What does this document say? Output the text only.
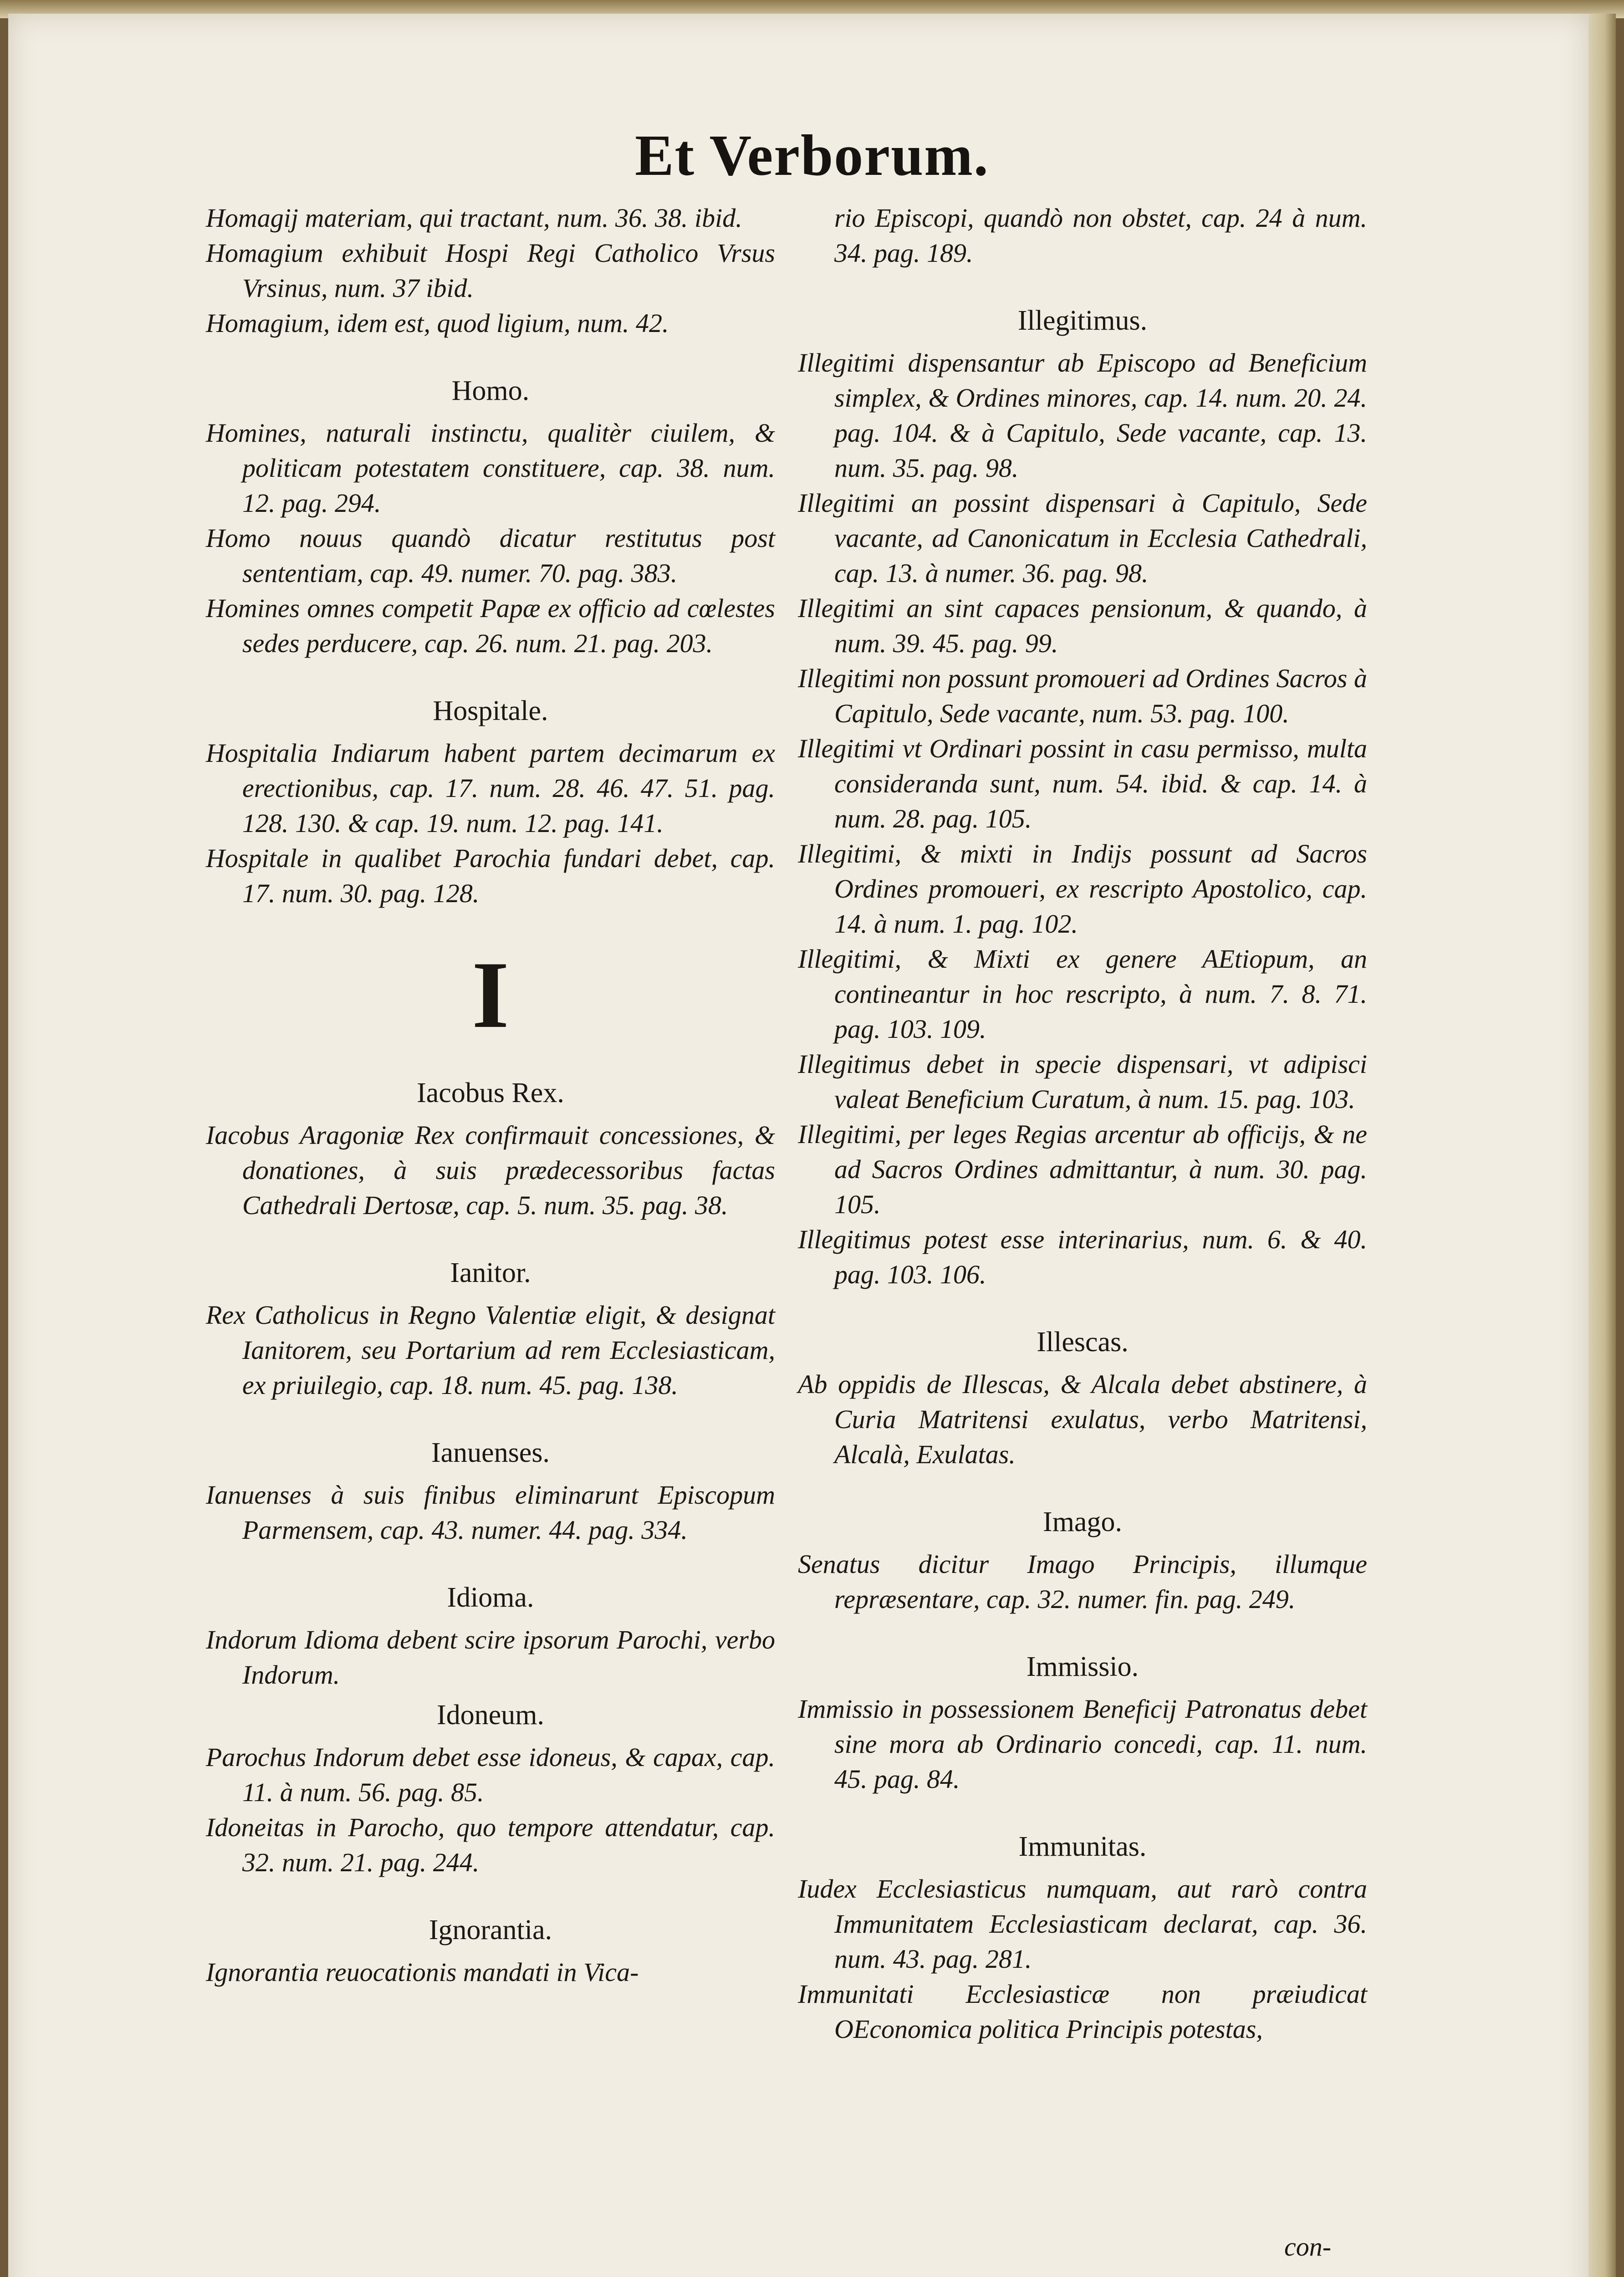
Et Verborum.

Homagij materiam, qui tractant, num. 36. 38. ibid.

Homagium exhibuit Hospi Regi Catholico Vrsus Vrsinus, num. 37 ibid.

Homagium, idem est, quod ligium, num. 42.

Homo.

Homines, naturali instinctu, qualitèr ciuilem, & politicam potestatem constituere, cap. 38. num. 12. pag. 294.

Homo nouus quandò dicatur restitutus post sententiam, cap. 49. numer. 70. pag. 383.

Homines omnes competit Papæ ex officio ad cœlestes sedes perducere, cap. 26. num. 21. pag. 203.

Hospitale.

Hospitalia Indiarum habent partem decimarum ex erectionibus, cap. 17. num. 28. 46. 47. 51. pag. 128. 130. & cap. 19. num. 12. pag. 141.

Hospitale in qualibet Parochia fundari debet, cap. 17. num. 30. pag. 128.

I
Iacobus Rex.

Iacobus Aragoniæ Rex confirmauit concessiones, & donationes, à suis prædecessoribus factas Cathedrali Dertosæ, cap. 5. num. 35. pag. 38.

Ianitor.

Rex Catholicus in Regno Valentiæ eligit, & designat Ianitorem, seu Portarium ad rem Ecclesiasticam, ex priuilegio, cap. 18. num. 45. pag. 138.

Ianuenses.

Ianuenses à suis finibus eliminarunt Episcopum Parmensem, cap. 43. numer. 44. pag. 334.

Idioma.

Indorum Idioma debent scire ipsorum Parochi, verbo Indorum.

Idoneum.

Parochus Indorum debet esse idoneus, & capax, cap. 11. à num. 56. pag. 85.

Idoneitas in Parocho, quo tempore attendatur, cap. 32. num. 21. pag. 244.

Ignorantia.

Ignorantia reuocationis mandati in Vica-

rio Episcopi, quandò non obstet, cap. 24 à num. 34. pag. 189.

Illegitimus.

Illegitimi dispensantur ab Episcopo ad Beneficium simplex, & Ordines minores, cap. 14. num. 20. 24. pag. 104. & à Capitulo, Sede vacante, cap. 13. num. 35. pag. 98.

Illegitimi an possint dispensari à Capitulo, Sede vacante, ad Canonicatum in Ecclesia Cathedrali, cap. 13. à numer. 36. pag. 98.

Illegitimi an sint capaces pensionum, & quando, à num. 39. 45. pag. 99.

Illegitimi non possunt promoueri ad Ordines Sacros à Capitulo, Sede vacante, num. 53. pag. 100.

Illegitimi vt Ordinari possint in casu permisso, multa consideranda sunt, num. 54. ibid. & cap. 14. à num. 28. pag. 105.

Illegitimi, & mixti in Indijs possunt ad Sacros Ordines promoueri, ex rescripto Apostolico, cap. 14. à num. 1. pag. 102.

Illegitimi, & Mixti ex genere AEtiopum, an contineantur in hoc rescripto, à num. 7. 8. 71. pag. 103. 109.

Illegitimus debet in specie dispensari, vt adipisci valeat Beneficium Curatum, à num. 15. pag. 103.

Illegitimi, per leges Regias arcentur ab officijs, & ne ad Sacros Ordines admittantur, à num. 30. pag. 105.

Illegitimus potest esse interinarius, num. 6. & 40. pag. 103. 106.

Illescas.

Ab oppidis de Illescas, & Alcala debet abstinere, à Curia Matritensi exulatus, verbo Matritensi, Alcalà, Exulatas.

Imago.

Senatus dicitur Imago Principis, illumque repræsentare, cap. 32. numer. fin. pag. 249.

Immissio.

Immissio in possessionem Beneficij Patronatus debet sine mora ab Ordinario concedi, cap. 11. num. 45. pag. 84.

Immunitas.

Iudex Ecclesiasticus numquam, aut rarò contra Immunitatem Ecclesiasticam declarat, cap. 36. num. 43. pag. 281.

Immunitati Ecclesiasticæ non præiudicat OEconomica politica Principis potestas,

con-
